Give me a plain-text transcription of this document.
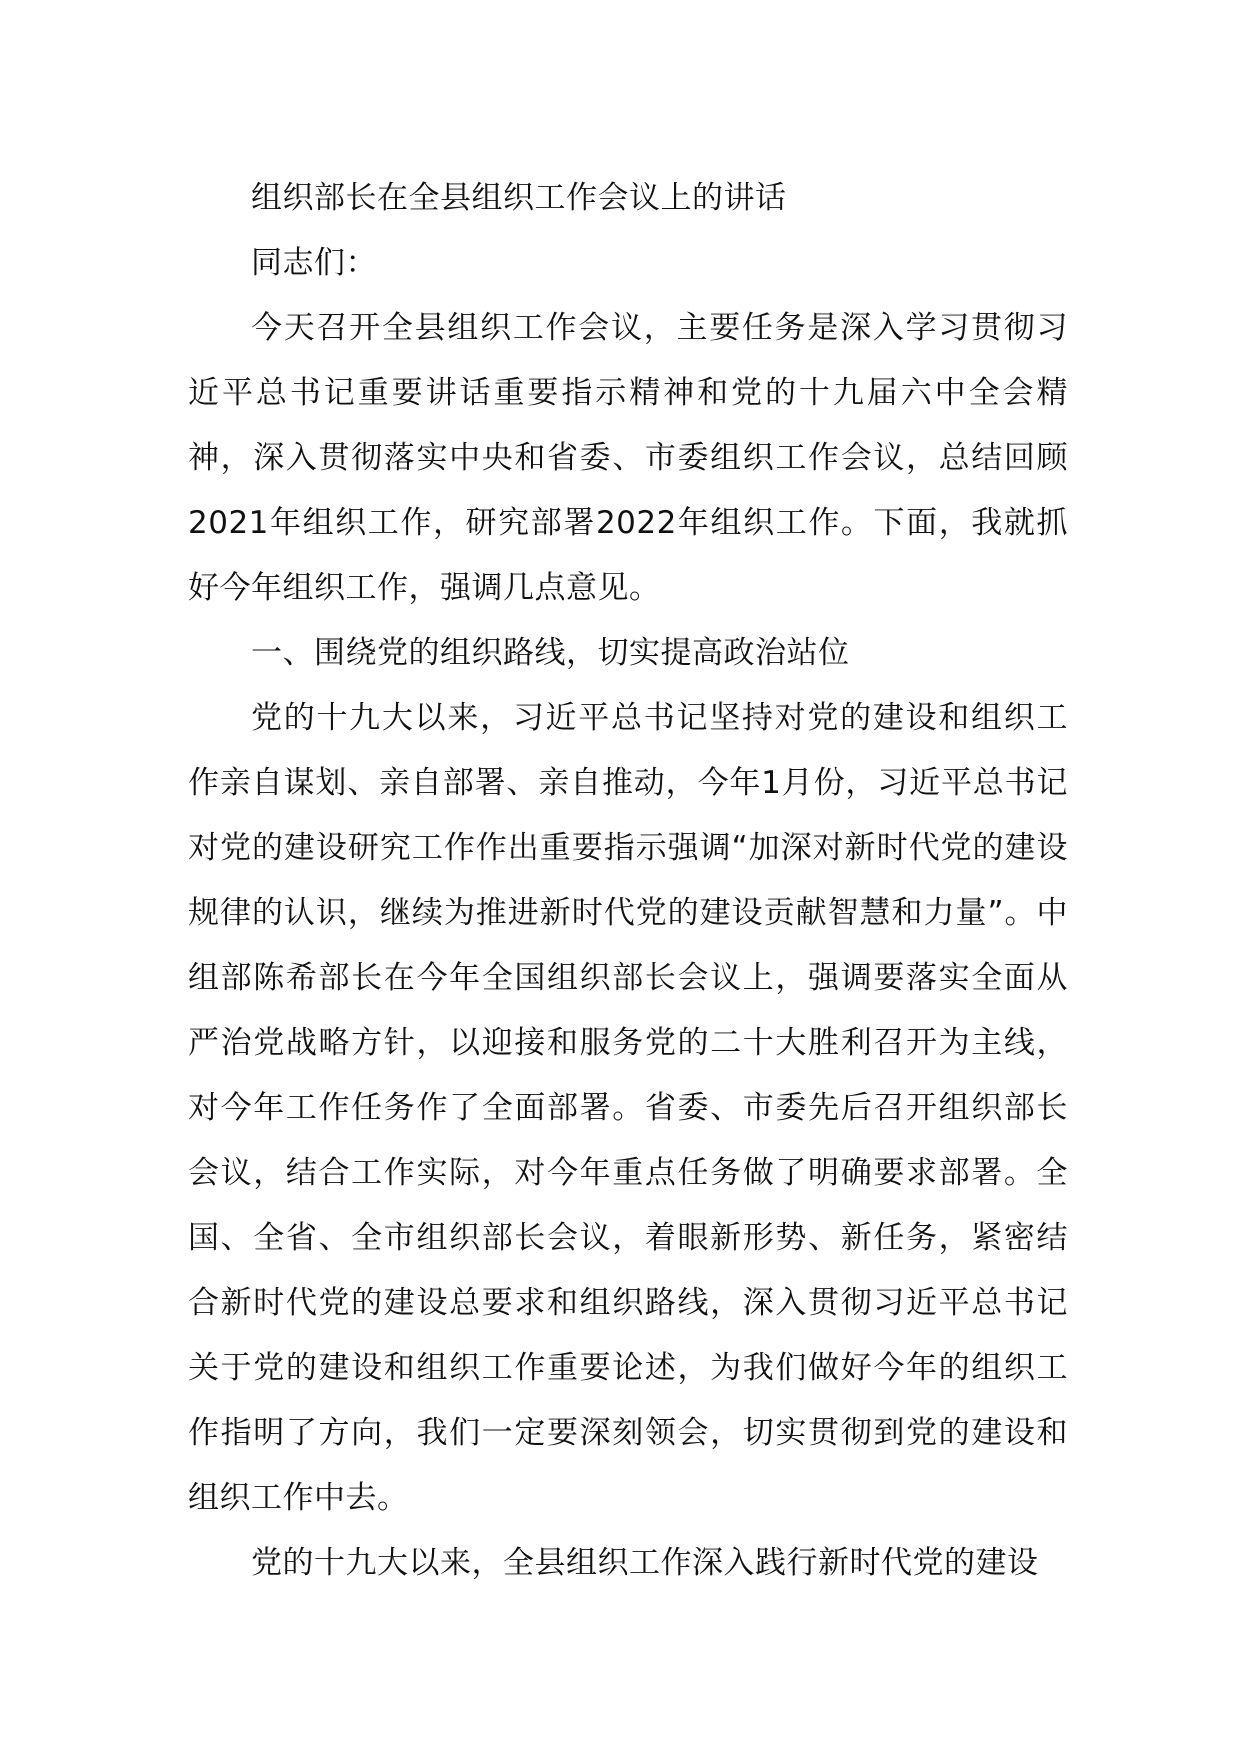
组织部长在全县组织工作会议上的讲话

同志们：

今天召开全县组织工作会议，主要任务是深入学习贯彻习近平总书记重要讲话重要指示精神和党的十九届六中全会精神，深入贯彻落实中央和省委、市委组织工作会议，总结回顾2021年组织工作，研究部署2022年组织工作。下面，我就抓好今年组织工作，强调几点意见。

一、围绕党的组织路线，切实提高政治站位

党的十九大以来，习近平总书记坚持对党的建设和组织工作亲自谋划、亲自部署、亲自推动，今年1月份，习近平总书记对党的建设研究工作作出重要指示强调“加深对新时代党的建设规律的认识，继续为推进新时代党的建设贡献智慧和力量”。中组部陈希部长在今年全国组织部长会议上，强调要落实全面从严治党战略方针，以迎接和服务党的二十大胜利召开为主线，对今年工作任务作了全面部署。省委、市委先后召开组织部长会议，结合工作实际，对今年重点任务做了明确要求部署。全国、全省、全市组织部长会议，着眼新形势、新任务，紧密结合新时代党的建设总要求和组织路线，深入贯彻习近平总书记关于党的建设和组织工作重要论述，为我们做好今年的组织工作指明了方向，我们一定要深刻领会，切实贯彻到党的建设和组织工作中去。

党的十九大以来，全县组织工作深入践行新时代党的建设
